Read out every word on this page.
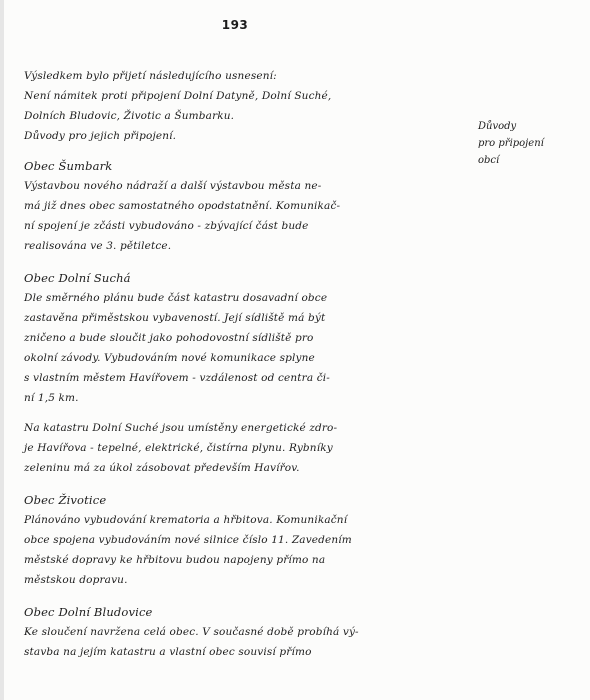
193
Výsledkem bylo přijetí následujícího usnesení:
Není námitek proti připojení Dolní Datyně, Dolní Suché,
Dolních Bludovic, Životic a Šumbarku.
Důvody pro jejich připojení.
Obec Šumbark
Výstavbou nového nádraží a další výstavbou města ne-
má již dnes obec samostatného opodstatnění. Komunikač-
ní spojení je zčásti vybudováno - zbývající část bude
realisována ve 3. pětiletce.
Obec Dolní Suchá
Dle směrného plánu bude část katastru dosavadní obce
zastavěna přiměstskou vybaveností. Její sídliště má být
zničeno a bude sloučit jako pohodovostní sídliště pro
okolní závody. Vybudováním nové komunikace splyne
s vlastním městem Havířovem - vzdálenost od centra či-
ní 1,5 km.
Na katastru Dolní Suché jsou umístěny energetické zdro-
je Havířova - tepelné, elektrické, čistírna plynu. Rybníky
zeleninu má za úkol zásobovat především Havířov.
Obec Životice
Plánováno vybudování krematoria a hřbitova. Komunikační
obce spojena vybudováním nové silnice číslo 11. Zavedením
městské dopravy ke hřbitovu budou napojeny přímo na
městskou dopravu.
Obec Dolní Bludovice
Ke sloučení navržena celá obec. V současné době probíhá vý-
stavba na jejím katastru a vlastní obec souvisí přímo
Důvody
pro připojení
obcí
